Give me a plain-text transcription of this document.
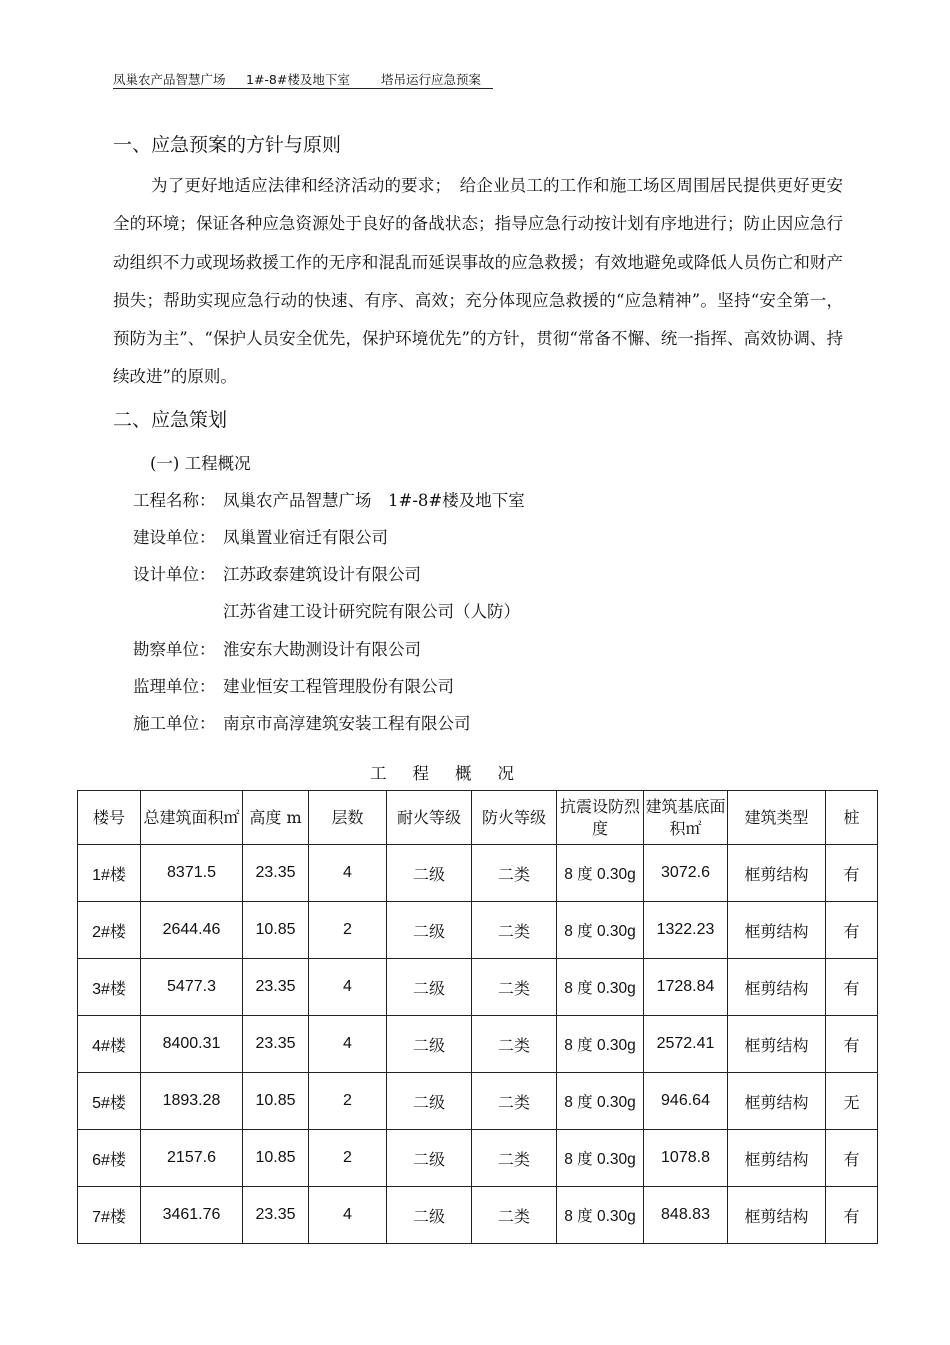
凤巢农产品智慧广场 1#-8#楼及地下室 塔吊运行应急预案
一、应急预案的方针与原则
为了更好地适应法律和经济活动的要求；　给企业员工的工作和施工场区周围居民提供更好更安全的环境；保证各种应急资源处于良好的备战状态；指导应急行动按计划有序地进行；防止因应急行动组织不力或现场救援工作的无序和混乱而延误事故的应急救援；有效地避免或降低人员伤亡和财产损失；帮助实现应急行动的快速、有序、高效；充分体现应急救援的“应急精神”。坚持“安全第一，预防为主”、“保护人员安全优先，保护环境优先”的方针，贯彻“常备不懈、统一指挥、高效协调、持续改进”的原则。
二、应急策划
(一) 工程概况
工程名称： 凤巢农产品智慧广场　1#-8#楼及地下室
建设单位： 凤巢置业宿迁有限公司
设计单位： 江苏政泰建筑设计有限公司
江苏省建工设计研究院有限公司（人防）
勘察单位： 淮安东大勘测设计有限公司
监理单位： 建业恒安工程管理股份有限公司
施工单位： 南京市高淳建筑安装工程有限公司
工程概况
楼号	总建筑面积㎡	高度 m	层数	耐火等级	防火等级	抗震设防烈度	建筑基底面积㎡	建筑类型	桩
1#楼	8371.5	23.35	4	二级	二类	8 度 0.30g	3072.6	框剪结构	有
2#楼	2644.46	10.85	2	二级	二类	8 度 0.30g	1322.23	框剪结构	有
3#楼	5477.3	23.35	4	二级	二类	8 度 0.30g	1728.84	框剪结构	有
4#楼	8400.31	23.35	4	二级	二类	8 度 0.30g	2572.41	框剪结构	有
5#楼	1893.28	10.85	2	二级	二类	8 度 0.30g	946.64	框剪结构	无
6#楼	2157.6	10.85	2	二级	二类	8 度 0.30g	1078.8	框剪结构	有
7#楼	3461.76	23.35	4	二级	二类	8 度 0.30g	848.83	框剪结构	有
